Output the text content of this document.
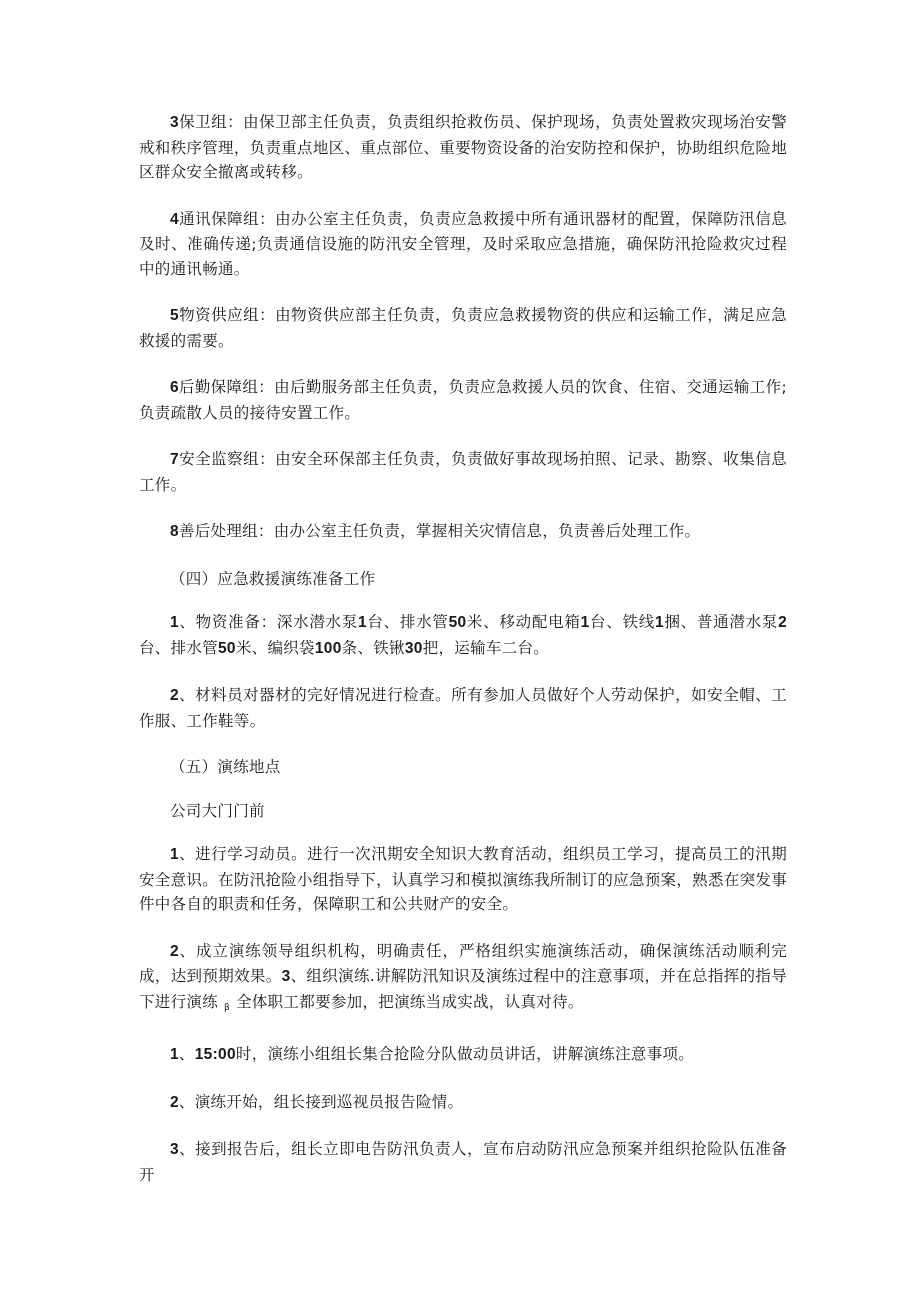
3保卫组：由保卫部主任负责，负责组织抢救伤员、保护现场，负责处置救灾现场治安警戒和秩序管理，负责重点地区、重点部位、重要物资设备的治安防控和保护，协助组织危险地区群众安全撤离或转移。

4通讯保障组：由办公室主任负责，负责应急救援中所有通讯器材的配置，保障防汛信息及时、准确传递;负责通信设施的防汛安全管理，及时采取应急措施，确保防汛抢险救灾过程中的通讯畅通。

5物资供应组：由物资供应部主任负责，负责应急救援物资的供应和运输工作，满足应急救援的需要。

6后勤保障组：由后勤服务部主任负责，负责应急救援人员的饮食、住宿、交通运输工作;负责疏散人员的接待安置工作。

7安全监察组：由安全环保部主任负责，负责做好事故现场拍照、记录、勘察、收集信息工作。

8善后处理组：由办公室主任负责，掌握相关灾情信息，负责善后处理工作。

（四）应急救援演练准备工作

1、物资准备：深水潜水泵1台、排水管50米、移动配电箱1台、铁线1捆、普通潜水泵2台、排水管50米、编织袋100条、铁锹30把，运输车二台。

2、材料员对器材的完好情况进行检查。所有参加人员做好个人劳动保护，如安全帽、工作服、工作鞋等。

（五）演练地点

公司大门门前

1、进行学习动员。进行一次汛期安全知识大教育活动，组织员工学习，提高员工的汛期安全意识。在防汛抢险小组指导下，认真学习和模拟演练我所制订的应急预案，熟悉在突发事件中各自的职责和任务，保障职工和公共财产的安全。

2、成立演练领导组织机构，明确责任，严格组织实施演练活动，确保演练活动顺利完成，达到预期效果。3、组织演练.讲解防汛知识及演练过程中的注意事项，并在总指挥的指导下进行演练 $_\beta$ 全体职工都要参加，把演练当成实战，认真对待。

1、15:00时，演练小组组长集合抢险分队做动员讲话，讲解演练注意事项。

2、演练开始，组长接到巡视员报告险情。

3、接到报告后，组长立即电告防汛负责人，宣布启动防汛应急预案并组织抢险队伍准备开
